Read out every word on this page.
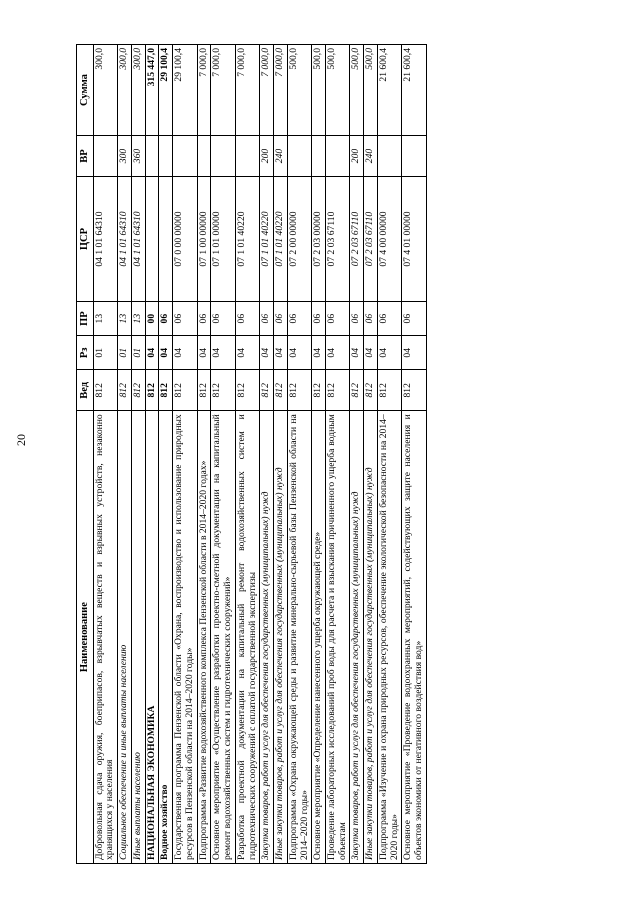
20
Наименование	Вед	Рз	ПР	ЦСР	ВР	Сумма
Добровольная сдача оружия, боеприпасов, взрывчатых веществ и взрывных устройств, незаконно хранящихся у населения	812	01	13	04 1 01 64310		300,0
Социальное обеспечение и иные выплаты населению	812	01	13	04 1 01 64310	300	300,0
Иные выплаты населению	812	01	13	04 1 01 64310	360	300,0
НАЦИОНАЛЬНАЯ ЭКОНОМИКА	812	04	00			315 447,0
Водное хозяйство	812	04	06			29 100,4
Государственная программа Пензенской области «Охрана, воспроизводство и использование природных ресурсов в Пензенской области на 2014–2020 годы»	812	04	06	07 0 00 00000		29 100,4
Подпрограмма «Развитие водохозяйственного комплекса Пензенской области в 2014–2020 годах»	812	04	06	07 1 00 00000		7 000,0
Основное мероприятие «Осуществление разработки проектно-сметной документации на капитальный ремонт водохозяйственных систем и гидротехнических сооружений»	812	04	06	07 1 01 00000		7 000,0
Разработка проектной документации на капитальный ремонт водохозяйственных систем и гидротехнических сооружений с оплатой государственной экспертизы	812	04	06	07 1 01 40220		7 000,0
Закупка товаров, работ и услуг для обеспечения государственных (муниципальных) нужд	812	04	06	07 1 01 40220	200	7 000,0
Иные закупки товаров, работ и услуг для обеспечения государственных (муниципальных) нужд	812	04	06	07 1 01 40220	240	7 000,0
Подпрограмма «Охрана окружающей среды и развитие минерально-сырьевой базы Пензенской области на 2014–2020 годы»	812	04	06	07 2 00 00000		500,0
Основное мероприятие «Определение нанесенного ущерба окружающей среде»	812	04	06	07 2 03 00000		500,0
Проведение лабораторных исследований проб воды для расчета и взыскания причиненного ущерба водным объектам	812	04	06	07 2 03 67110		500,0
Закупка товаров, работ и услуг для обеспечения государственных (муниципальных) нужд	812	04	06	07 2 03 67110	200	500,0
Иные закупки товаров, работ и услуг для обеспечения государственных (муниципальных) нужд	812	04	06	07 2 03 67110	240	500,0
Подпрограмма «Изучение и охрана природных ресурсов, обеспечение экологической безопасности на 2014–2020 годы»	812	04	06	07 4 00 00000		21 600,4
Основное мероприятие «Проведение водоохранных мероприятий, содействующих защите населения и объектов экономики от негативного воздействия вод»	812	04	06	07 4 01 00000		21 600,4
